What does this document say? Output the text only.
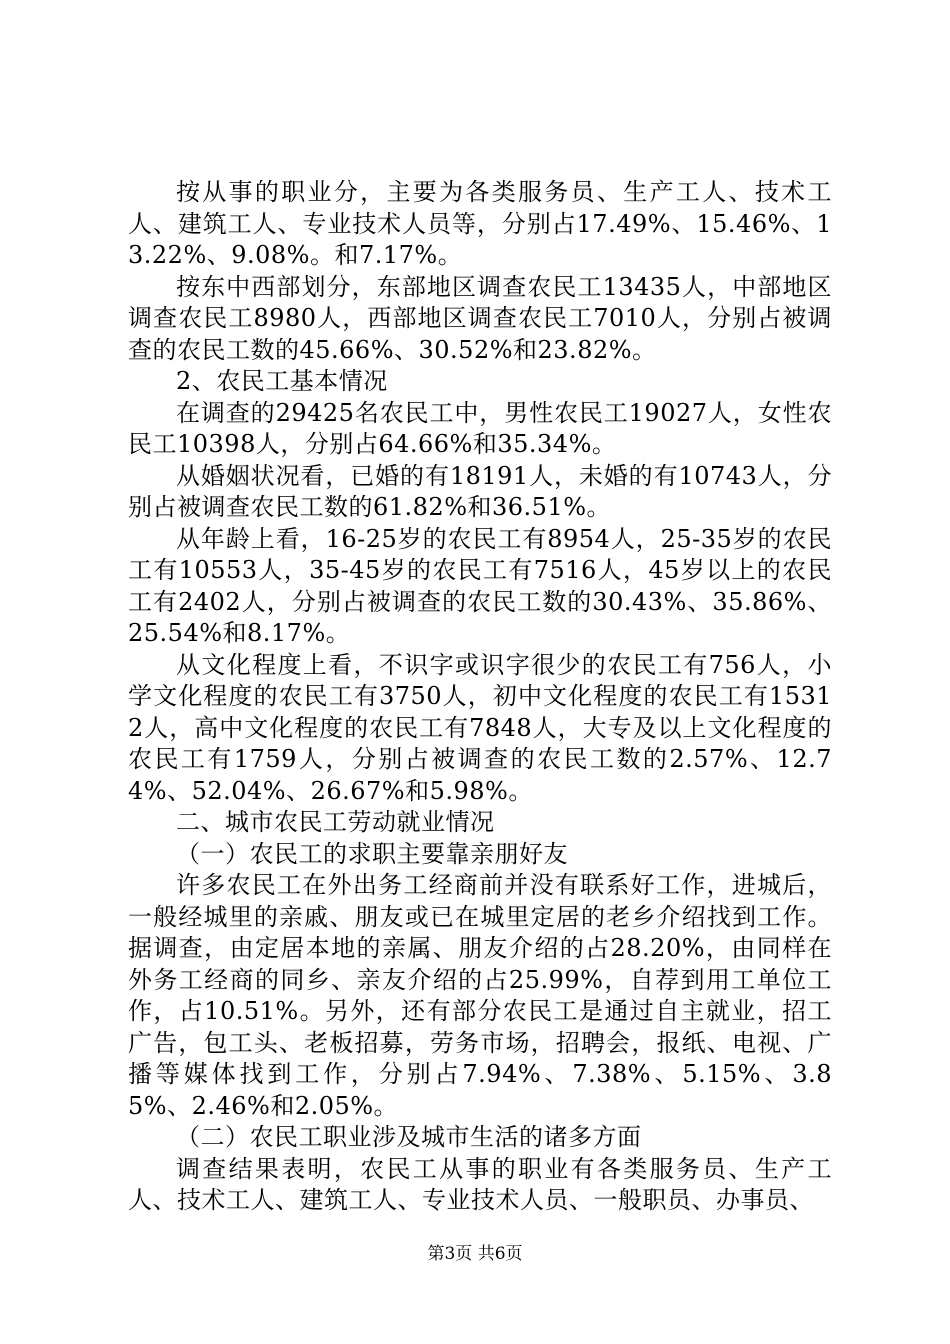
按从事的职业分，主要为各类服务员、生产工人、技术工人、建筑工人、专业技术人员等，分别占17.49%、15.46%、13.22%、9.08%。和7.17%。

按东中西部划分，东部地区调查农民工13435人，中部地区调查农民工8980人，西部地区调查农民工7010人，分别占被调查的农民工数的45.66%、30.52%和23.82%。

2、农民工基本情况

在调查的29425名农民工中，男性农民工19027人，女性农民工10398人，分别占64.66%和35.34%。

从婚姻状况看，已婚的有18191人，未婚的有10743人，分别占被调查农民工数的61.82%和36.51%。

从年龄上看，16-25岁的农民工有8954人，25-35岁的农民工有10553人，35-45岁的农民工有7516人，45岁以上的农民工有2402人，分别占被调查的农民工数的30.43%、35.86%、25.54%和8.17%。

从文化程度上看，不识字或识字很少的农民工有756人，小学文化程度的农民工有3750人，初中文化程度的农民工有15312人，高中文化程度的农民工有7848人，大专及以上文化程度的农民工有1759人，分别占被调查的农民工数的2.57%、12.74%、52.04%、26.67%和5.98%。

二、城市农民工劳动就业情况

（一）农民工的求职主要靠亲朋好友

许多农民工在外出务工经商前并没有联系好工作，进城后，一般经城里的亲戚、朋友或已在城里定居的老乡介绍找到工作。据调查，由定居本地的亲属、朋友介绍的占28.20%，由同样在外务工经商的同乡、亲友介绍的占25.99%，自荐到用工单位工作，占10.51%。另外，还有部分农民工是通过自主就业，招工广告，包工头、老板招募，劳务市场，招聘会，报纸、电视、广播等媒体找到工作，分别占7.94%、7.38%、5.15%、3.85%、2.46%和2.05%。

（二）农民工职业涉及城市生活的诸多方面

调查结果表明，农民工从事的职业有各类服务员、生产工人、技术工人、建筑工人、专业技术人员、一般职员、办事员、

第3页 共6页
